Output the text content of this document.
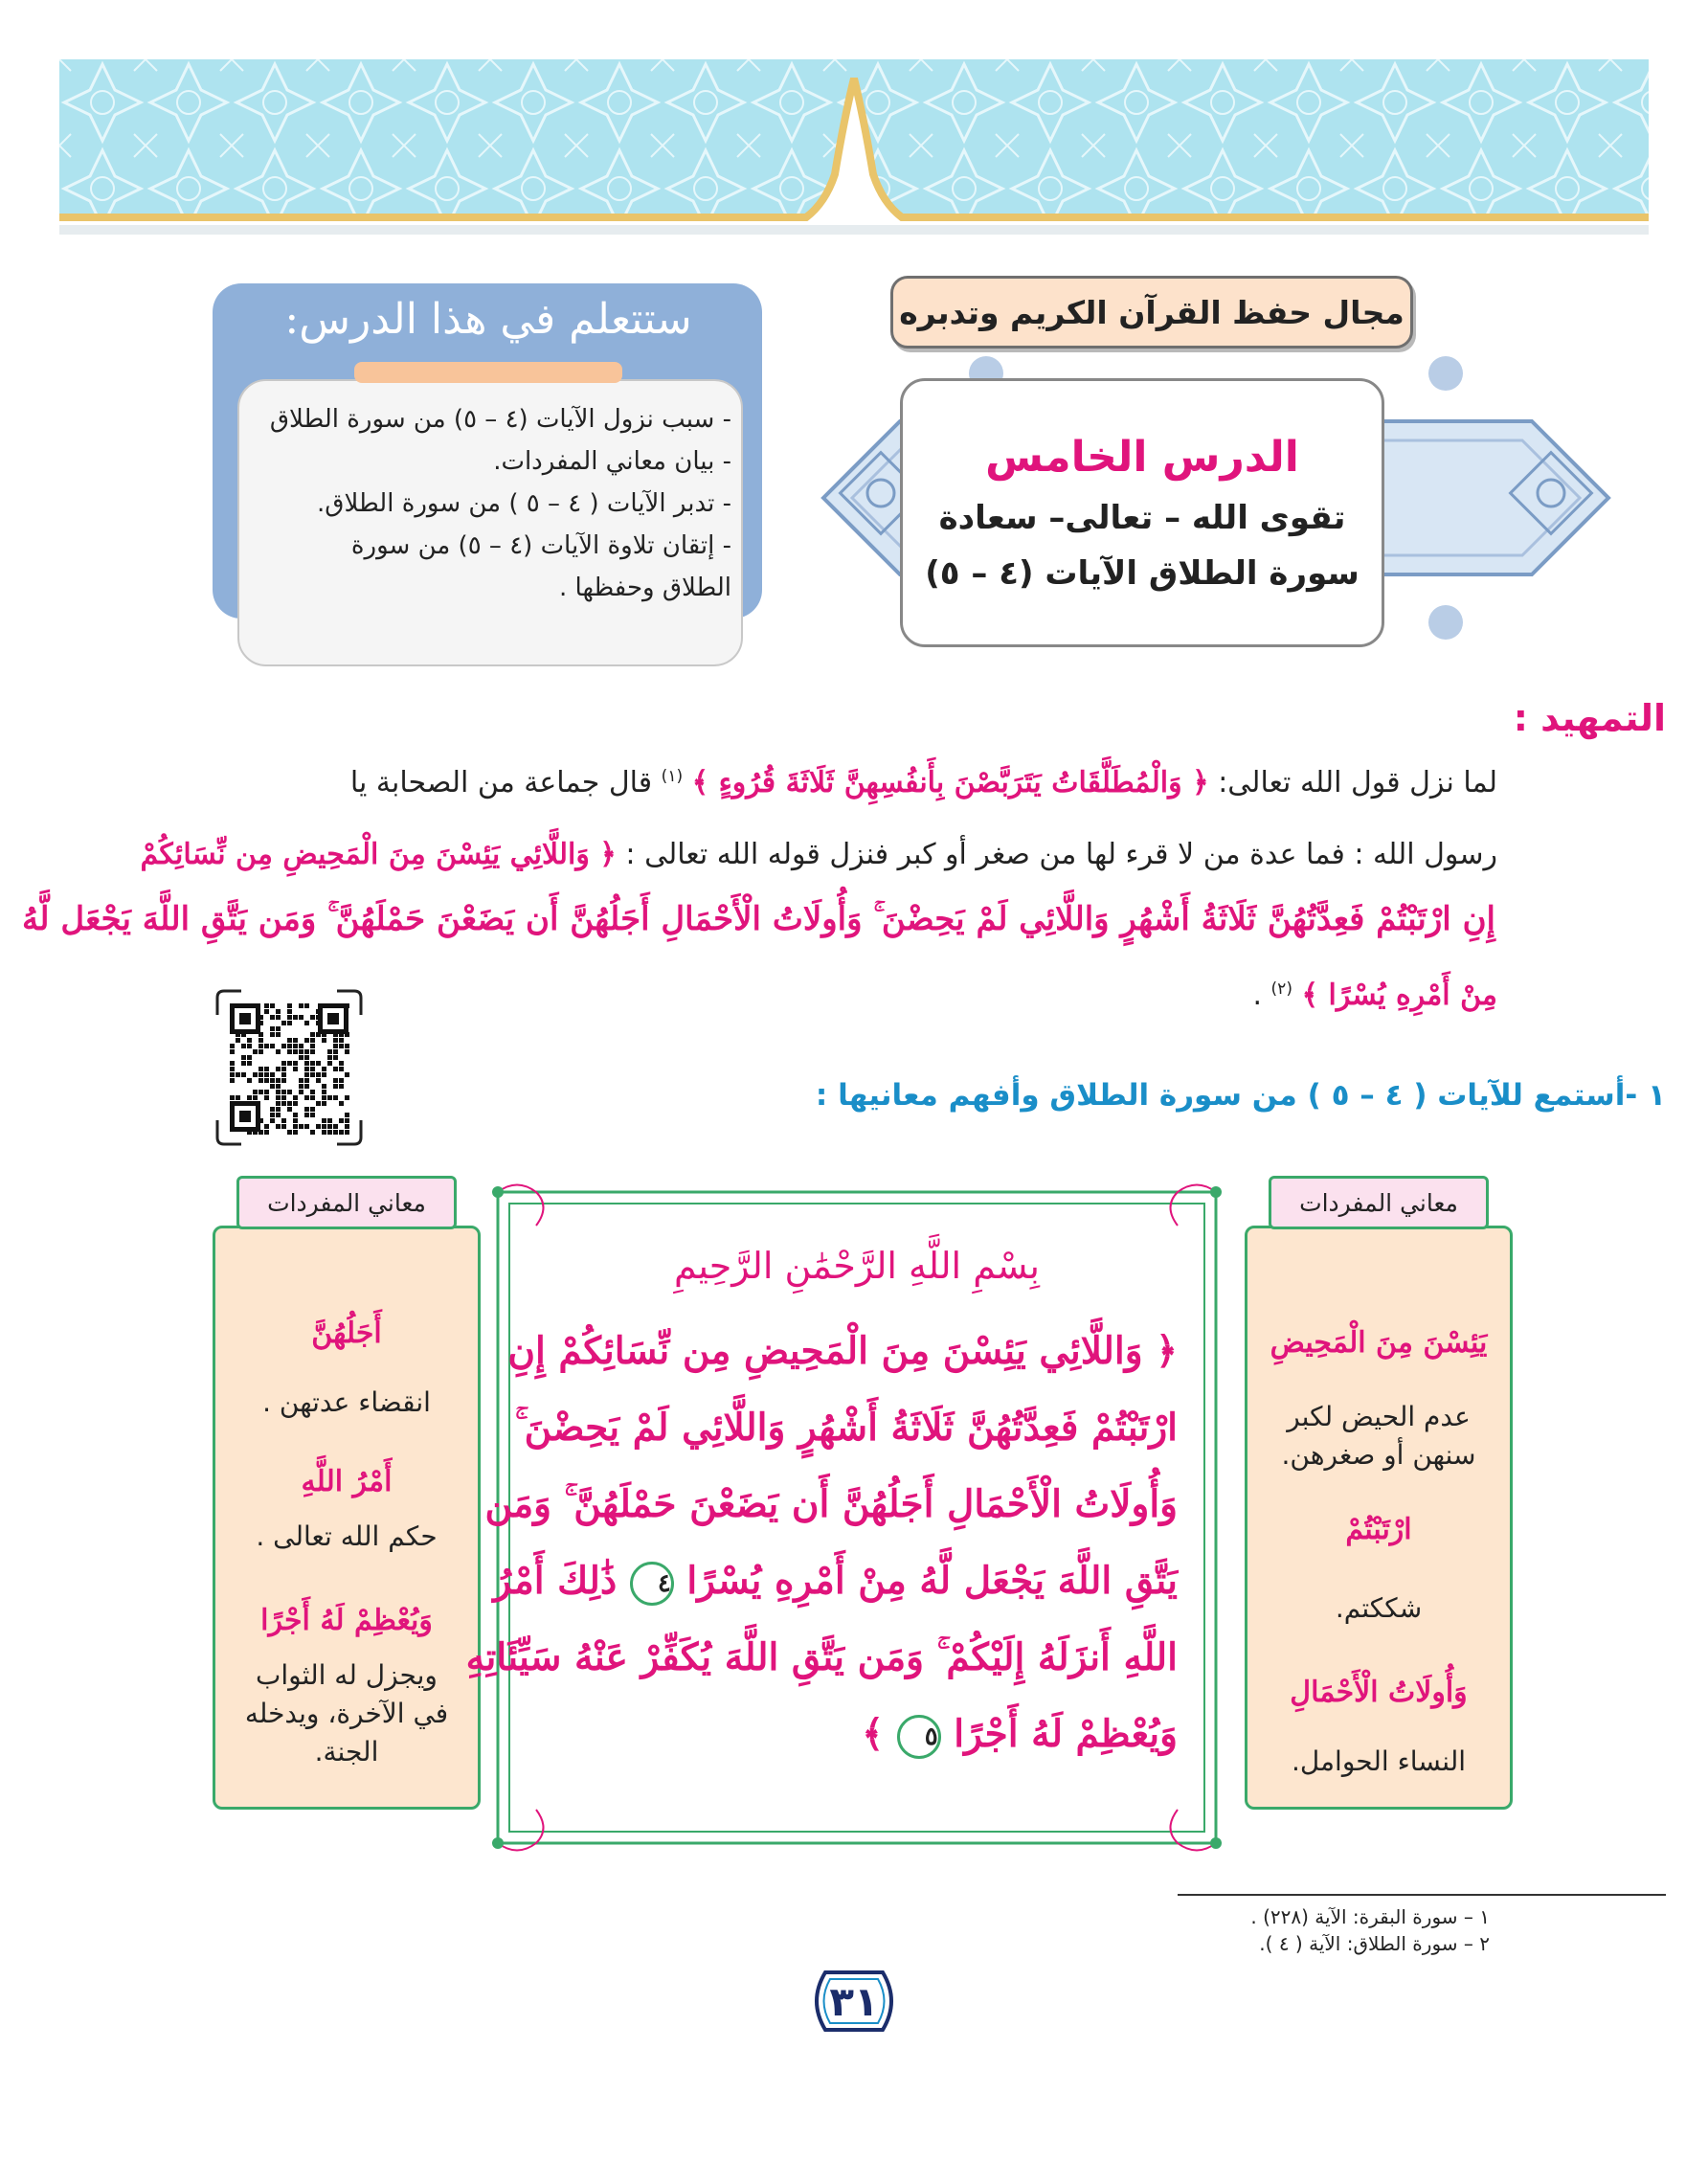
مجال حفظ القرآن الكريم وتدبره
الدرس الخامس
تقوى الله – تعالى– سعادة
سورة الطلاق الآيات (٤ – ٥)
ستتعلم في هذا الدرس:
- سبب نزول الآيات (٤ – ٥) من سورة الطلاق
- بيان معاني المفردات.
- تدبر الآيات ( ٤ – ٥ ) من سورة الطلاق.
- إتقان تلاوة الآيات (٤ – ٥) من سورة
الطلاق وحفظها .
التمهيد :
لما نزل قول الله تعالى: ﴿ وَالْمُطَلَّقَاتُ يَتَرَبَّصْنَ بِأَنفُسِهِنَّ ثَلَاثَةَ قُرُوءٍ ﴾ $^{(١)}$ قال جماعة من الصحابة يا
رسول الله : فما عدة من لا قرء لها من صغر أو كبر فنزل قوله الله تعالى : ﴿ وَاللَّائِي يَئِسْنَ مِنَ الْمَحِيضِ مِن نِّسَائِكُمْ
إِنِ ارْتَبْتُمْ فَعِدَّتُهُنَّ ثَلَاثَةُ أَشْهُرٍ وَاللَّائِي لَمْ يَحِضْنَ ۚ وَأُولَاتُ الْأَحْمَالِ أَجَلُهُنَّ أَن يَضَعْنَ حَمْلَهُنَّ ۚ وَمَن يَتَّقِ اللَّهَ يَجْعَل لَّهُ
مِنْ أَمْرِهِ يُسْرًا ﴾ $^{(٢)}$ .
١ -أستمع للآيات ( ٤ – ٥ ) من سورة الطلاق وأفهم معانيها :
معاني المفردات
يَئِسْنَ مِنَ الْمَحِيضِ
عدم الحيض لكبر
سنهن أو صغرهن.
ارْتَبْتُمْ
شككتم.
وَأُولَاتُ الْأَحْمَالِ
النساء الحوامل.
معاني المفردات
أَجَلُهُنَّ
انقضاء عدتهن .
أَمْرُ اللَّهِ
حكم الله تعالى .
وَيُعْظِمْ لَهُ أَجْرًا
ويجزل له الثواب
في الآخرة، ويدخله
الجنة.
بِسْمِ اللَّهِ الرَّحْمَٰنِ الرَّحِيمِ
﴿ وَاللَّائِي يَئِسْنَ مِنَ الْمَحِيضِ مِن نِّسَائِكُمْ إِنِ
ارْتَبْتُمْ فَعِدَّتُهُنَّ ثَلَاثَةُ أَشْهُرٍ وَاللَّائِي لَمْ يَحِضْنَ ۚ
وَأُولَاتُ الْأَحْمَالِ أَجَلُهُنَّ أَن يَضَعْنَ حَمْلَهُنَّ ۚ وَمَن
يَتَّقِ اللَّهَ يَجْعَل لَّهُ مِنْ أَمْرِهِ يُسْرًا ٤ ذَٰلِكَ أَمْرُ
اللَّهِ أَنزَلَهُ إِلَيْكُمْ ۚ وَمَن يَتَّقِ اللَّهَ يُكَفِّرْ عَنْهُ سَيِّئَاتِهِ
وَيُعْظِمْ لَهُ أَجْرًا ٥ ﴾
١ – سورة البقرة: الآية (٢٢٨) .
٢ – سورة الطلاق: الآية ( ٤ ).
٣١
